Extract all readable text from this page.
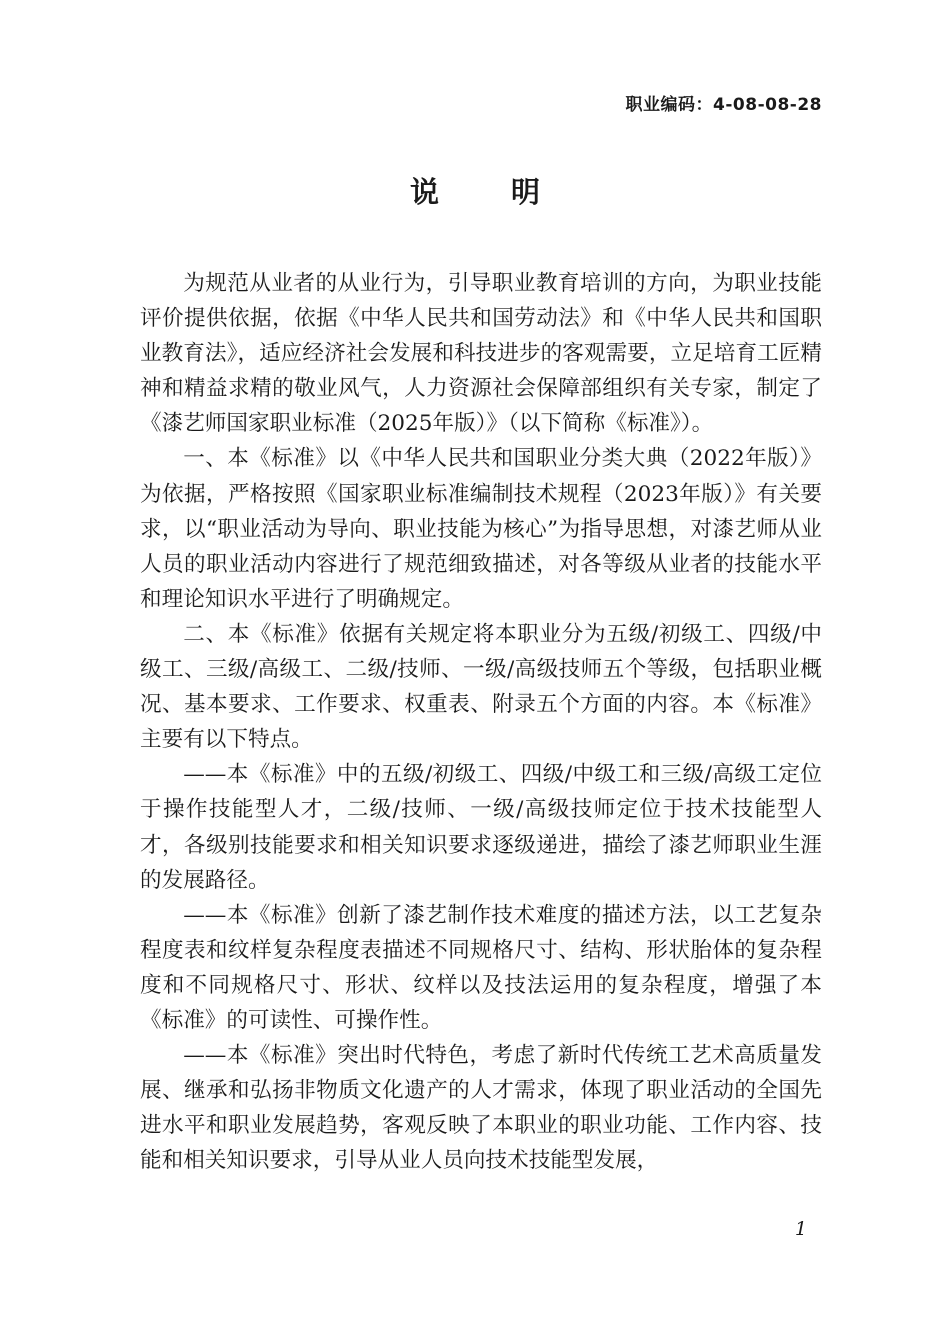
职业编码：4-08-08-28
说明

为规范从业者的从业行为，引导职业教育培训的方向，为职业技能评价提供依据，依据《中华人民共和国劳动法》和《中华人民共和国职业教育法》，适应经济社会发展和科技进步的客观需要，立足培育工匠精神和精益求精的敬业风气，人力资源社会保障部组织有关专家，制定了《漆艺师国家职业标准（2025年版）》（以下简称《标准》）。

一、本《标准》以《中华人民共和国职业分类大典（2022年版）》为依据，严格按照《国家职业标准编制技术规程（2023年版）》有关要求，以“职业活动为导向、职业技能为核心”为指导思想，对漆艺师从业人员的职业活动内容进行了规范细致描述，对各等级从业者的技能水平和理论知识水平进行了明确规定。

二、本《标准》依据有关规定将本职业分为五级/初级工、四级/中级工、三级/高级工、二级/技师、一级/高级技师五个等级，包括职业概况、基本要求、工作要求、权重表、附录五个方面的内容。本《标准》主要有以下特点。

——本《标准》中的五级/初级工、四级/中级工和三级/高级工定位于操作技能型人才，二级/技师、一级/高级技师定位于技术技能型人才，各级别技能要求和相关知识要求逐级递进，描绘了漆艺师职业生涯的发展路径。

——本《标准》创新了漆艺制作技术难度的描述方法，以工艺复杂程度表和纹样复杂程度表描述不同规格尺寸、结构、形状胎体的复杂程度和不同规格尺寸、形状、纹样以及技法运用的复杂程度，增强了本《标准》的可读性、可操作性。

——本《标准》突出时代特色，考虑了新时代传统工艺术高质量发展、继承和弘扬非物质文化遗产的人才需求，体现了职业活动的全国先进水平和职业发展趋势，客观反映了本职业的职业功能、工作内容、技能和相关知识要求，引导从业人员向技术技能型发展，

1
